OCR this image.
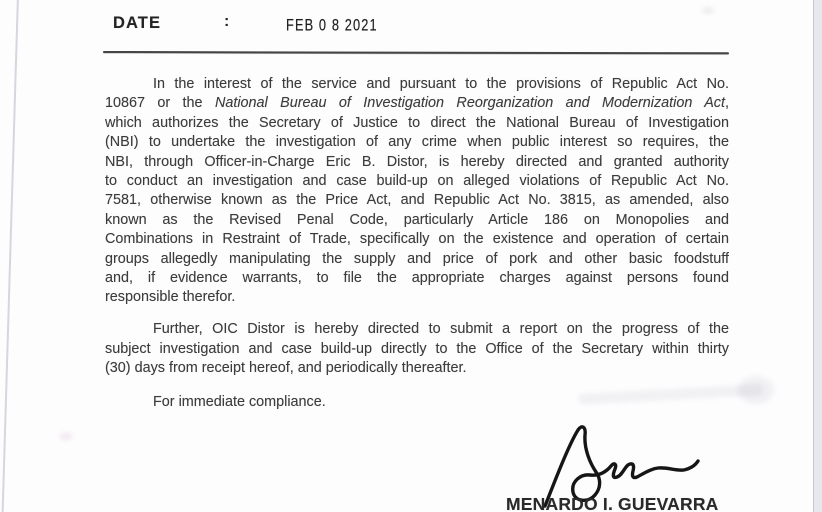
DATE	:	FEB 0 8 2021
In the interest of the service and pursuant to the provisions of Republic Act No.
10867 or the National Bureau of Investigation Reorganization and Modernization Act,
which authorizes the Secretary of Justice to direct the National Bureau of Investigation
(NBI) to undertake the investigation of any crime when public interest so requires, the
NBI, through Officer-in-Charge Eric B. Distor, is hereby directed and granted authority
to conduct an investigation and case build-up on alleged violations of Republic Act No.
7581, otherwise known as the Price Act, and Republic Act No. 3815, as amended, also
known as the Revised Penal Code, particularly Article 186 on Monopolies and
Combinations in Restraint of Trade, specifically on the existence and operation of certain
groups allegedly manipulating the supply and price of pork and other basic foodstuff
and, if evidence warrants, to file the appropriate charges against persons found
responsible therefor.
Further, OIC Distor is hereby directed to submit a report on the progress of the
subject investigation and case build-up directly to the Office of the Secretary within thirty
(30) days from receipt hereof, and periodically thereafter.
For immediate compliance.
MENARDO I. GUEVARRA
